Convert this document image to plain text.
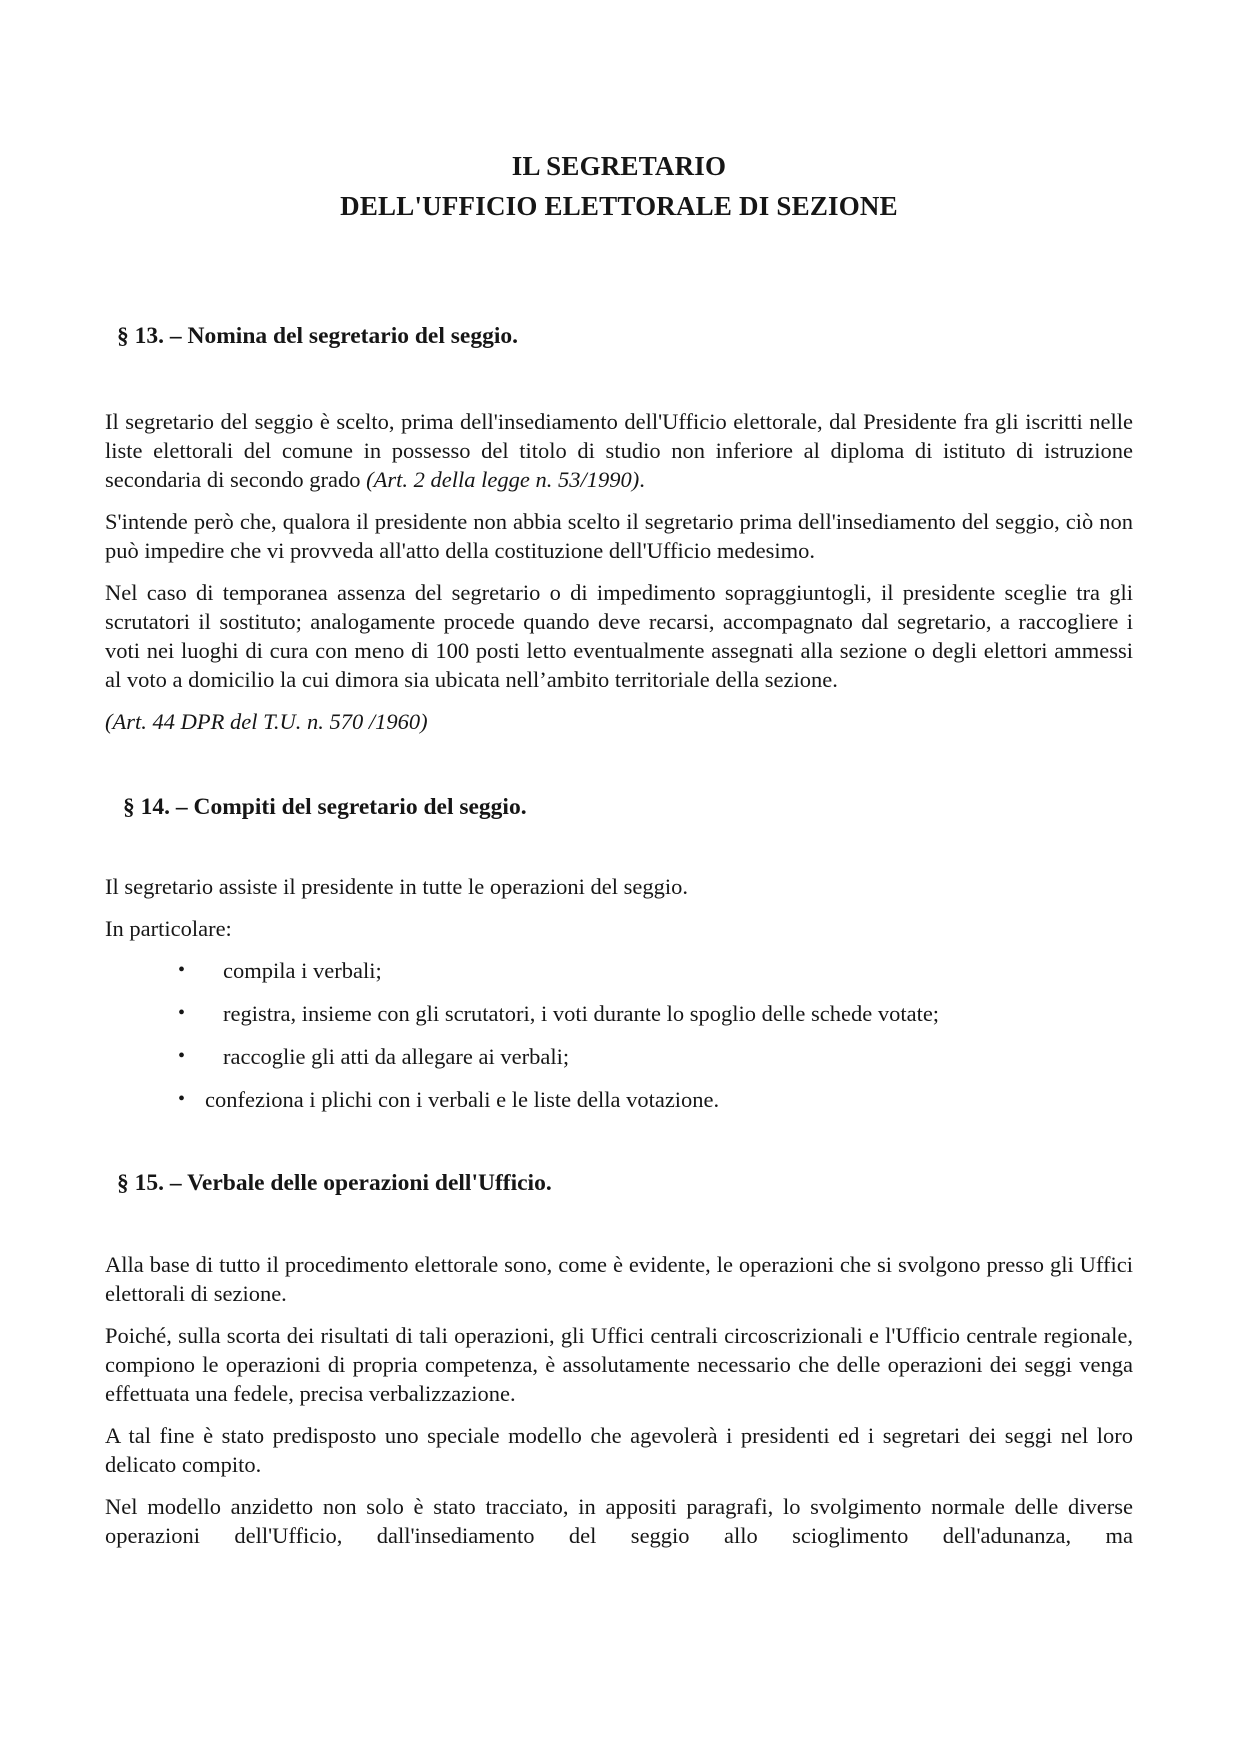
IL SEGRETARIO
DELL'UFFICIO ELETTORALE DI SEZIONE
§ 13. – Nomina del segretario del seggio.

Il segretario del seggio è scelto, prima dell'insediamento dell'Ufficio elettorale, dal Presidente fra gli iscritti nelle liste elettorali del comune in possesso del titolo di studio non inferiore al diploma di istituto di istruzione secondaria di secondo grado (Art. 2 della legge n. 53/1990).

S'intende però che, qualora il presidente non abbia scelto il segretario prima dell'insediamento del seggio, ciò non può impedire che vi provveda all'atto della costituzione dell'Ufficio medesimo.

Nel caso di temporanea assenza del segretario o di impedimento sopraggiuntogli, il presidente sceglie tra gli scrutatori il sostituto; analogamente procede quando deve recarsi, accompagnato dal segretario, a raccogliere i voti nei luoghi di cura con meno di 100 posti letto eventualmente assegnati alla sezione o degli elettori ammessi al voto a domicilio la cui dimora sia ubicata nell’ambito territoriale della sezione.

(Art. 44 DPR del T.U. n. 570 /1960)

§ 14. – Compiti del segretario del seggio.

Il segretario assiste il presidente in tutte le operazioni del seggio.

In particolare:

• compila i verbali;
• registra, insieme con gli scrutatori, i voti durante lo spoglio delle schede votate;
• raccoglie gli atti da allegare ai verbali;
• confeziona i plichi con i verbali e le liste della votazione.
§ 15. – Verbale delle operazioni dell'Ufficio.

Alla base di tutto il procedimento elettorale sono, come è evidente, le operazioni che si svolgono presso gli Uffici elettorali di sezione.

Poiché, sulla scorta dei risultati di tali operazioni, gli Uffici centrali circoscrizionali e l'Ufficio centrale regionale, compiono le operazioni di propria competenza, è assolutamente necessario che delle operazioni dei seggi venga effettuata una fedele, precisa verbalizzazione.

A tal fine è stato predisposto uno speciale modello che agevolerà i presidenti ed i segretari dei seggi nel loro delicato compito.

Nel modello anzidetto non solo è stato tracciato, in appositi paragrafi, lo svolgimento normale delle diverse operazioni dell'Ufficio, dall'insediamento del seggio allo scioglimento dell'adunanza, ma
